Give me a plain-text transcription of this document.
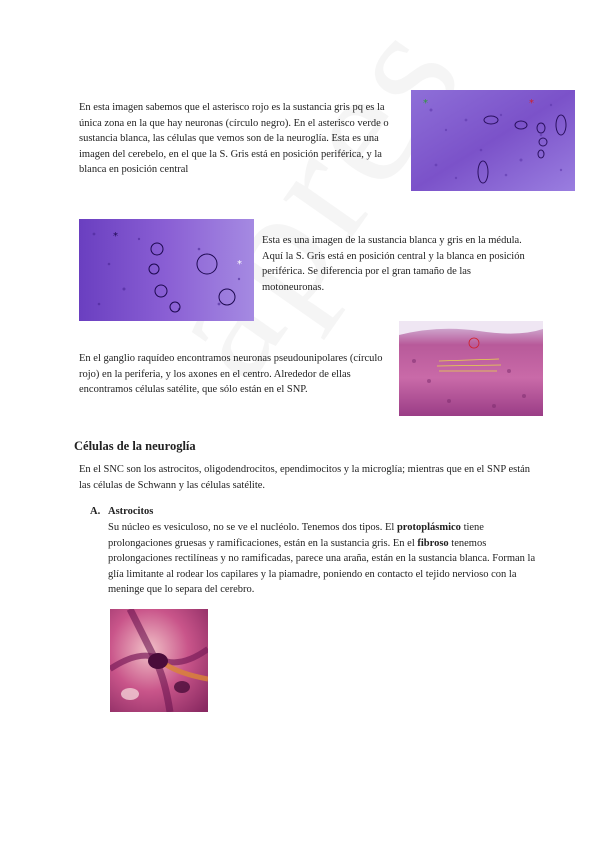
En esta imagen sabemos que el asterisco rojo es la sustancia gris pq es la única zona en la que hay neuronas (círculo negro). En el asterisco verde o sustancia blanca, las células que vemos son de la neuroglía. Esta es una imagen del cerebelo, en el que la S. Gris está en posición periférica, y la blanca en posición central

*	*
*
*

Esta es una imagen de la sustancia blanca y gris en la médula. Aquí la S. Gris está en posición central y la blanca en posición periférica. Se diferencia por el gran tamaño de las motoneuronas.

En el ganglio raquídeo encontramos neuronas pseudounipolares (círculo rojo) en la periferia, y los axones en el centro. Alrededor de ellas encontramos células satélite, que sólo están en el SNP.

Células de la neuroglía

En el SNC son los astrocitos, oligodendrocitos, ependimocitos y la microglía; mientras que en el SNP están las células de Schwann y las células satélite.

A. Astrocitos

Su núcleo es vesiculoso, no se ve el nucléolo. Tenemos dos tipos. El protoplásmico tiene prolongaciones gruesas y ramificaciones, están en la sustancia gris. En el fibroso tenemos prolongaciones rectilíneas y no ramificadas, parece una araña, están en la sustancia blanca. Forman la glía limitante al rodear los capilares y la piamadre, poniendo en contacto el tejido nervioso con la meninge que lo separa del cerebro.
